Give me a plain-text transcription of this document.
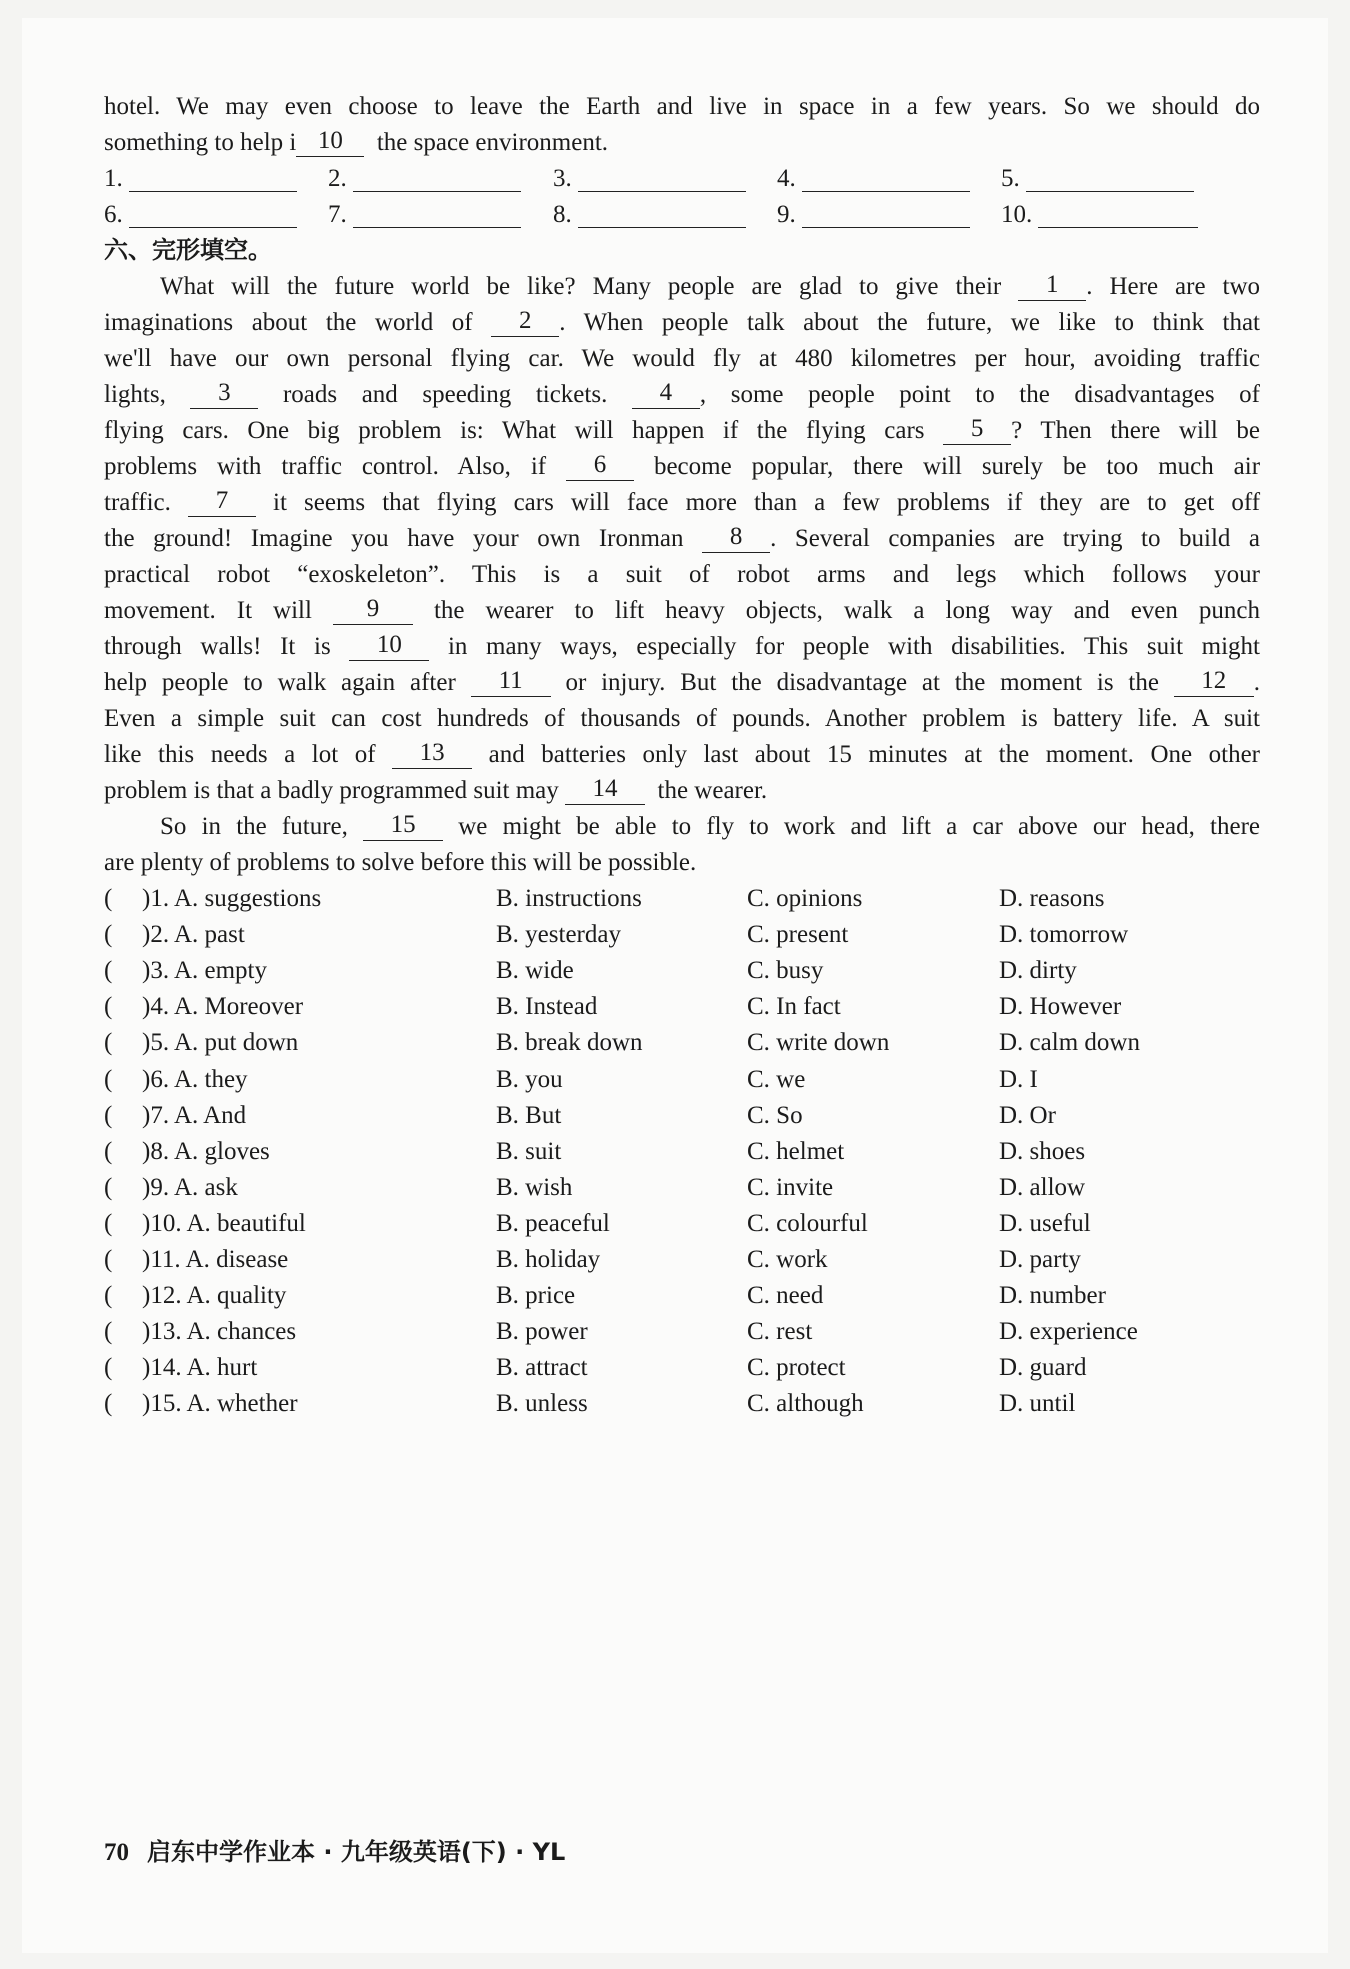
hotel. We may even choose to leave the Earth and live in space in a few years. So we should do
something to help i 10 the space environment.
1.	2.	3.	4.	5.
6.	7.	8.	9.	10.
六、完形填空。
What will the future world be like? Many people are glad to give their 1 . Here are two
imaginations about the world of 2 . When people talk about the future, we like to think that
we'll have our own personal flying car. We would fly at 480 kilometres per hour, avoiding traffic
lights, 3 roads and speeding tickets. 4 , some people point to the disadvantages of
flying cars. One big problem is: What will happen if the flying cars 5 ? Then there will be
problems with traffic control. Also, if 6 become popular, there will surely be too much air
traffic. 7 it seems that flying cars will face more than a few problems if they are to get off
the ground! Imagine you have your own Ironman 8 . Several companies are trying to build a
practical robot “exoskeleton”. This is a suit of robot arms and legs which follows your
movement. It will 9 the wearer to lift heavy objects, walk a long way and even punch
through walls! It is 10 in many ways, especially for people with disabilities. This suit might
help people to walk again after 11 or injury. But the disadvantage at the moment is the 12 .
Even a simple suit can cost hundreds of thousands of pounds. Another problem is battery life. A suit
like this needs a lot of 13 and batteries only last about 15 minutes at the moment. One other
problem is that a badly programmed suit may 14 the wearer.
So in the future, 15 we might be able to fly to work and lift a car above our head, there
are plenty of problems to solve before this will be possible.
( )1. A. suggestions	B. instructions	C. opinions	D. reasons
( )2. A. past	B. yesterday	C. present	D. tomorrow
( )3. A. empty	B. wide	C. busy	D. dirty
( )4. A. Moreover	B. Instead	C. In fact	D. However
( )5. A. put down	B. break down	C. write down	D. calm down
( )6. A. they	B. you	C. we	D. I
( )7. A. And	B. But	C. So	D. Or
( )8. A. gloves	B. suit	C. helmet	D. shoes
( )9. A. ask	B. wish	C. invite	D. allow
( )10. A. beautiful	B. peaceful	C. colourful	D. useful
( )11. A. disease	B. holiday	C. work	D. party
( )12. A. quality	B. price	C. need	D. number
( )13. A. chances	B. power	C. rest	D. experience
( )14. A. hurt	B. attract	C. protect	D. guard
( )15. A. whether	B. unless	C. although	D. until
70 启东中学作业本 · 九年级英语(下) · YL
